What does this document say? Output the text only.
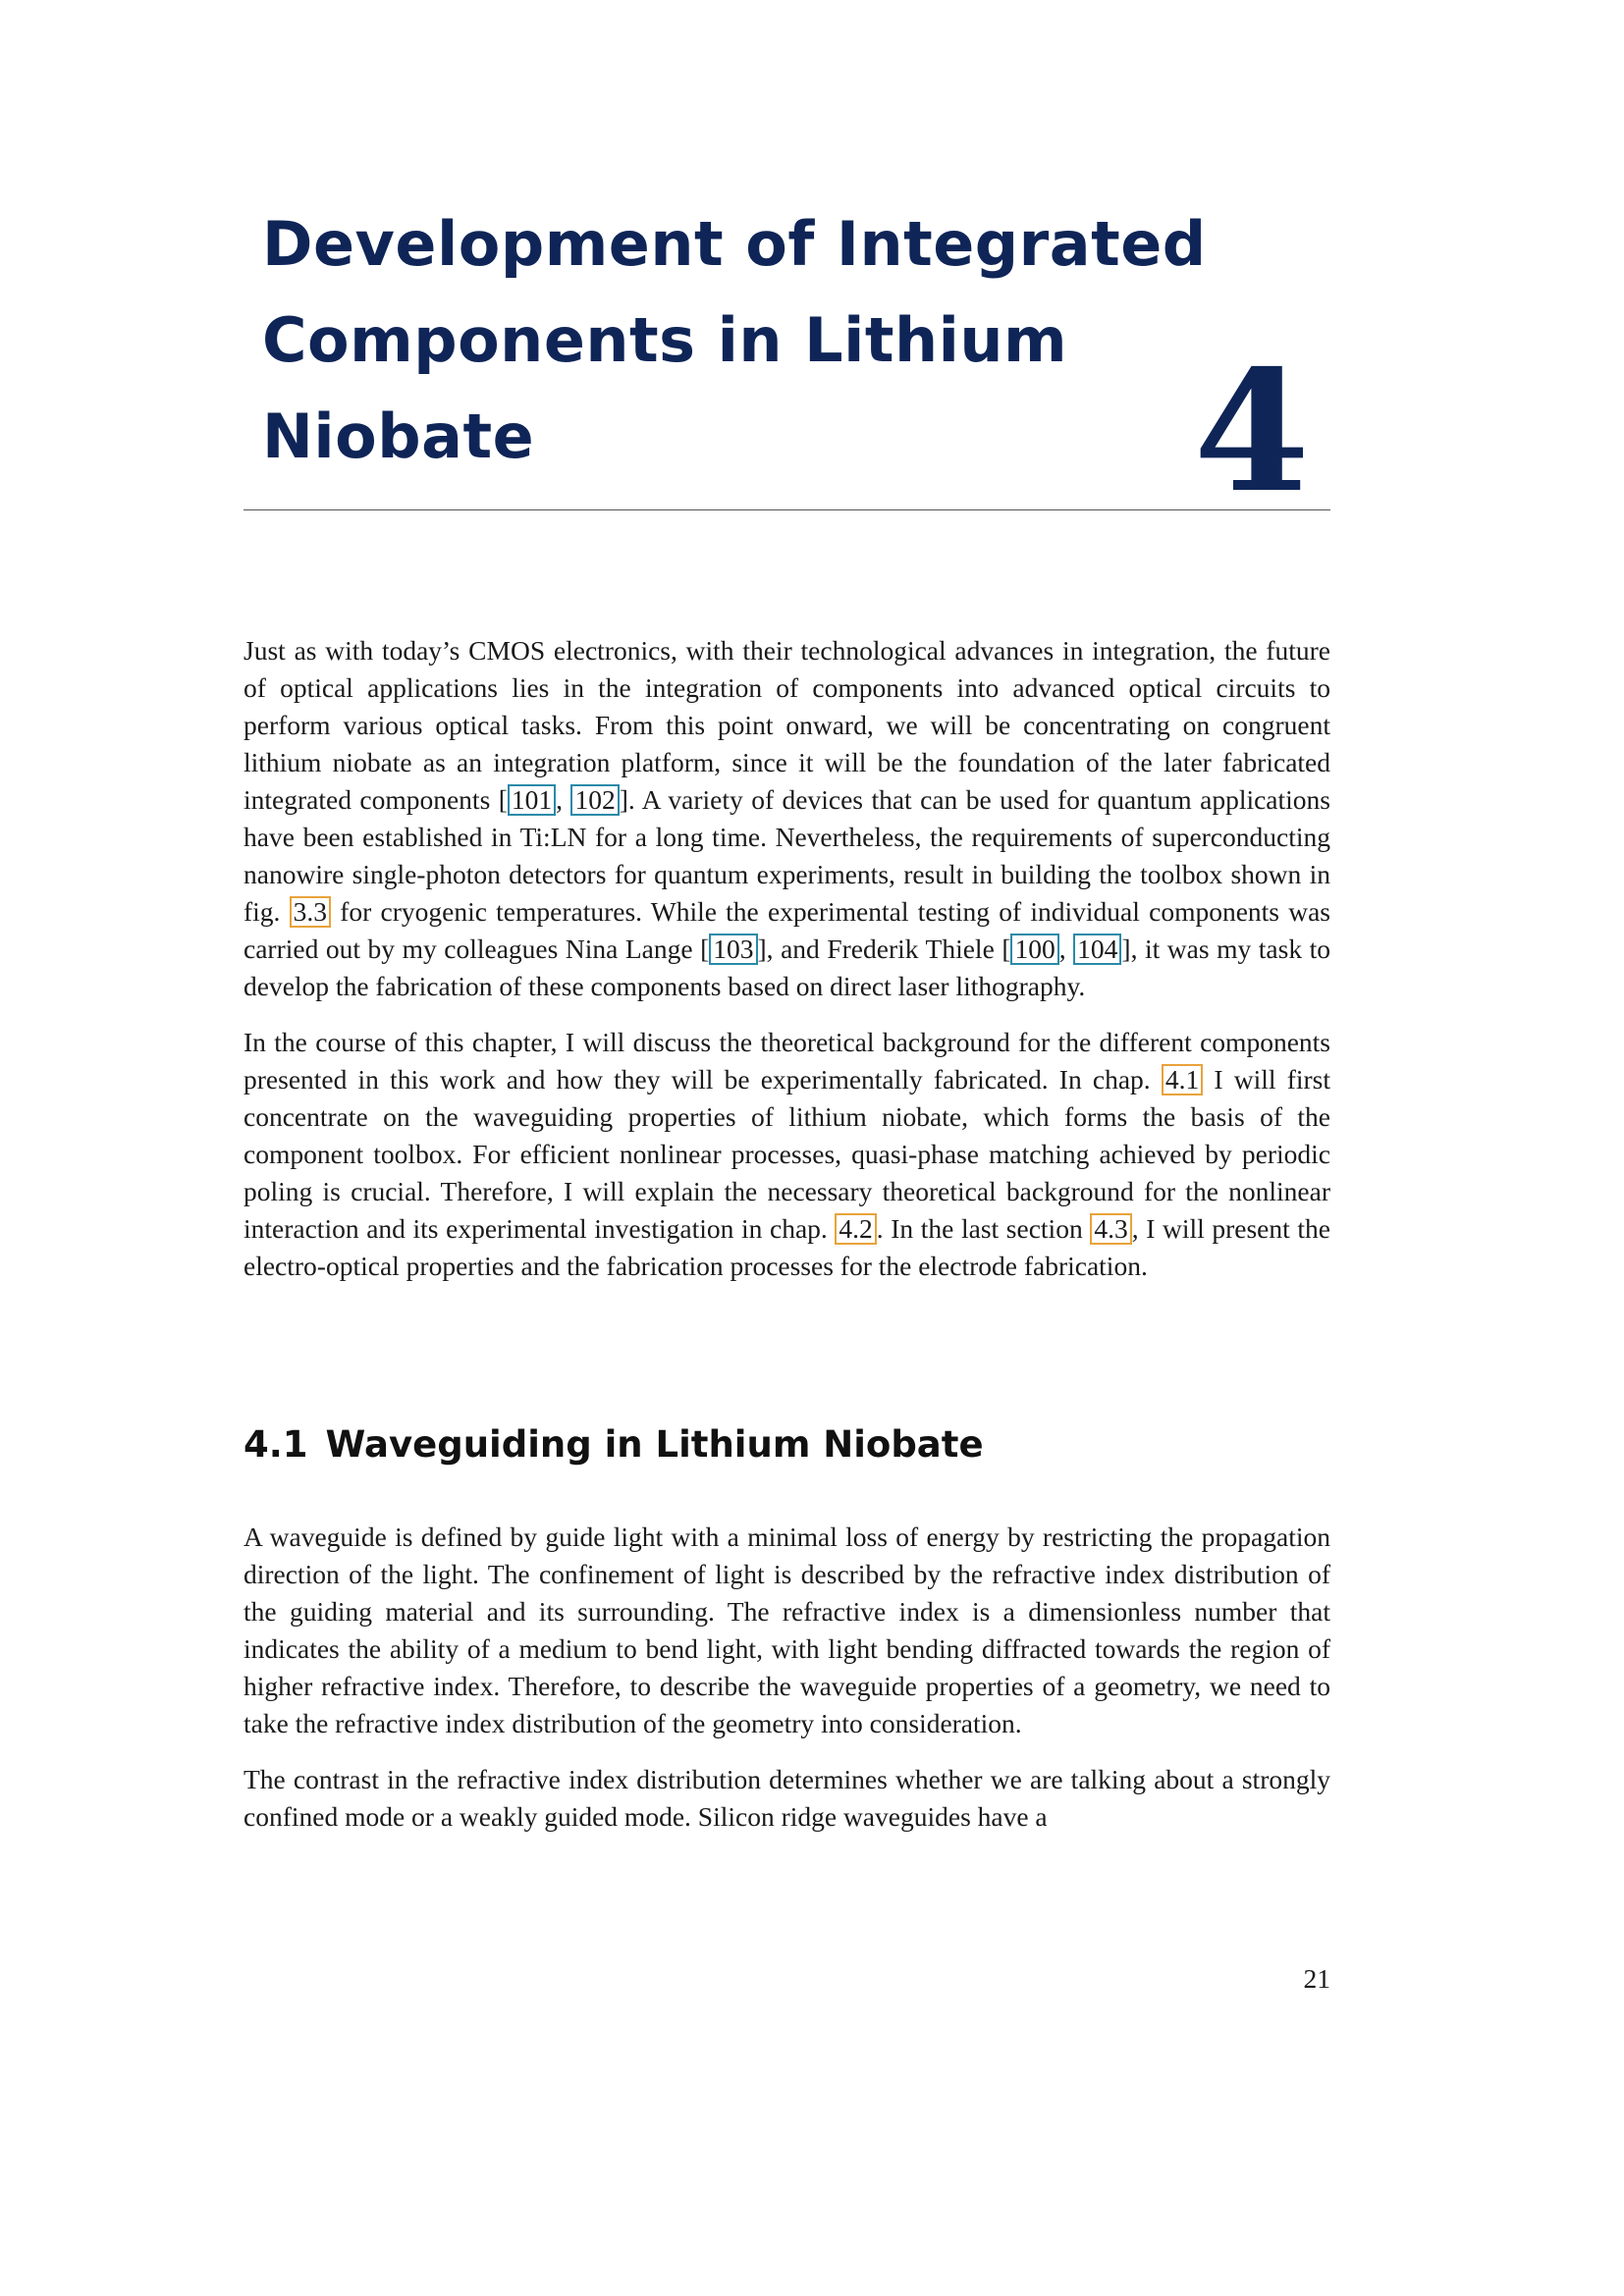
Development of Integrated
Components in Lithium
Niobate	4

Just as with today’s CMOS electronics, with their technological advances in integration, the future of optical applications lies in the integration of components into advanced optical circuits to perform various optical tasks. From this point onward, we will be concentrating on congruent lithium niobate as an integration platform, since it will be the foundation of the later fabricated integrated components [ 101 , 102 ]. A variety of devices that can be used for quantum applications have been established in Ti:LN for a long time. Nevertheless, the requirements of superconducting nanowire single-photon detectors for quantum experiments, result in building the toolbox shown in fig. 3.3 for cryogenic temperatures. While the experimental testing of individual components was carried out by my colleagues Nina Lange [ 103 ], and Frederik Thiele [ 100 , 104 ], it was my task to develop the fabrication of these components based on direct laser lithography.

In the course of this chapter, I will discuss the theoretical background for the different components presented in this work and how they will be experimentally fabricated. In chap. 4.1 I will first concentrate on the waveguiding properties of lithium niobate, which forms the basis of the component toolbox. For efficient nonlinear processes, quasi-phase matching achieved by periodic poling is crucial. Therefore, I will explain the necessary theoretical background for the nonlinear interaction and its experimental investigation in chap. 4.2 . In the last section 4.3 , I will present the electro-optical properties and the fabrication processes for the electrode fabrication.

4.1 Waveguiding in Lithium Niobate

A waveguide is defined by guide light with a minimal loss of energy by restricting the propagation direction of the light. The confinement of light is described by the refractive index distribution of the guiding material and its surrounding. The refractive index is a dimensionless number that indicates the ability of a medium to bend light, with light bending diffracted towards the region of higher refractive index. Therefore, to describe the waveguide properties of a geometry, we need to take the refractive index distribution of the geometry into consideration.

The contrast in the refractive index distribution determines whether we are talking about a strongly confined mode or a weakly guided mode. Silicon ridge waveguides have a

21
